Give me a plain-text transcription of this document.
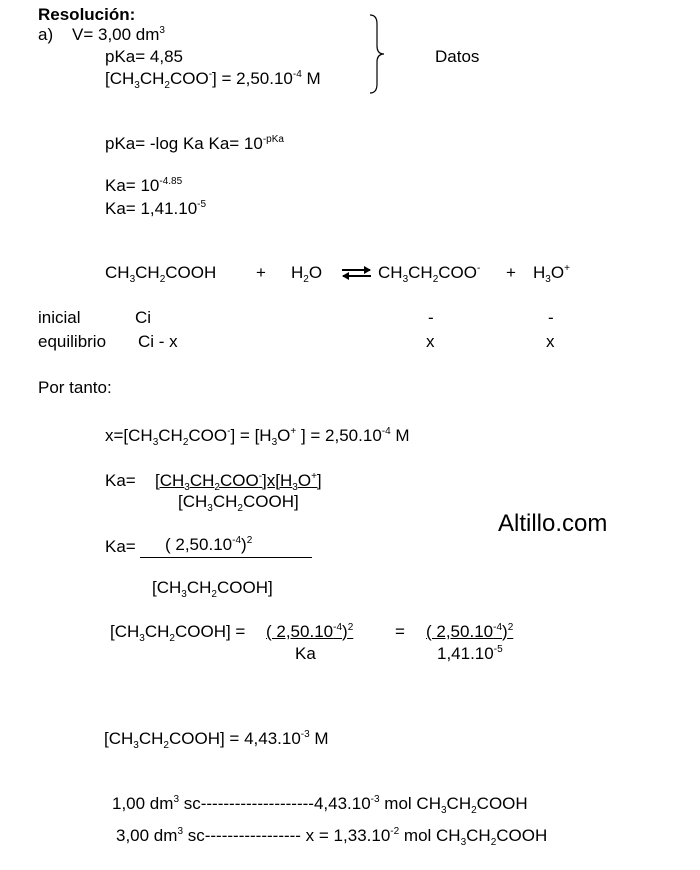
Resolución:
a) V= 3,00 $dm^3$
pKa= 4,85
$[CH_3CH_2COO^-] = 2,50.10^{-4}$ M
Datos
pKa= -log Ka $Ka= 10^{-pKa}$
$Ka= 10^{-4.85}$
$Ka= 1,41.10^{-5}$
$CH_3CH_2COOH + H_2O$ ⇌ $CH_3CH_2COO^- + H_3O^+$
inicial	Ci	-	-
equilibrio Ci - x	x	x
Por tanto:
$x=[CH_3CH_2COO^-] = [H_3O^+$ ] = $2,50.10^{-4}$ M
$Ka= [CH_3CH_2COO^-]x[H_3O^+]$
$[CH_3CH_2COOH]$
Altillo.com
Ka= ( $2,50.10^{-4})^2$
$[CH_3CH_2COOH]$
$[CH_3CH_2COOH]$ = ( $2,50.10^{-4})^2$
Ka
= ( $2,50.10^{-4})^2$
$1,41.10^{-5}$
$[CH_3CH_2COOH] = 4,43.10^{-3}$ M
1,00 $dm^3$ $sc--------------------4,43.10^{-3}$ mol $CH_3CH_2COOH$
3,00 $dm^3$ sc----------------- $x = 1,33.10^{-2}$ mol $CH_3CH_2COOH$
